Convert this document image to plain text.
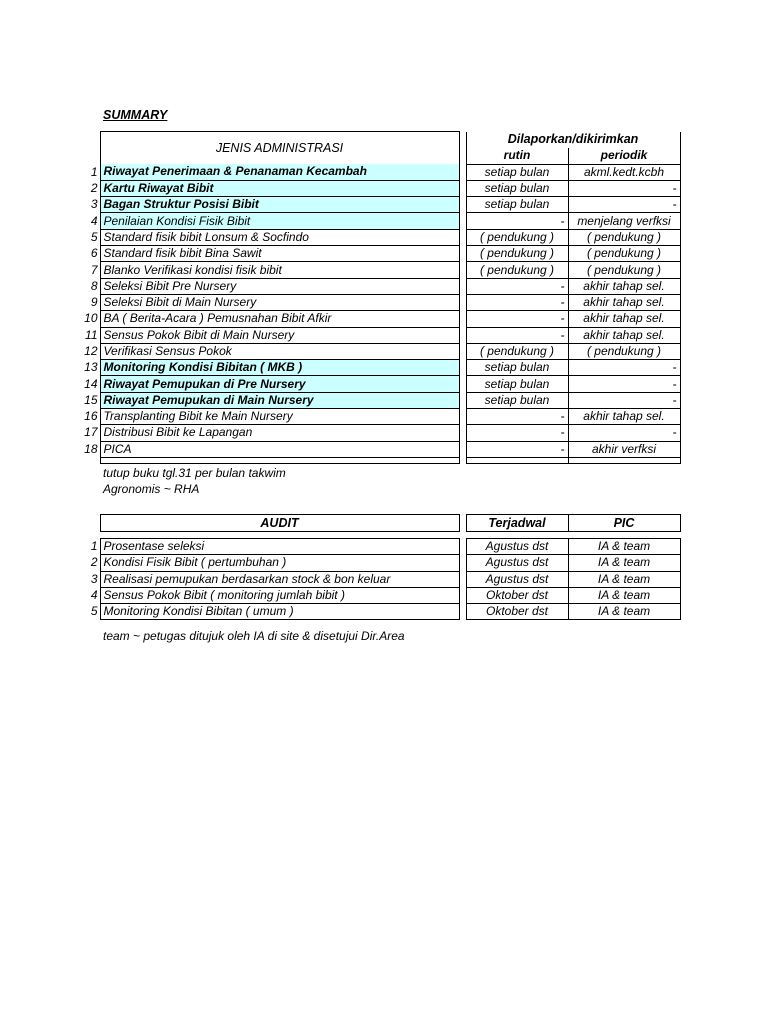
SUMMARY
	JENIS ADMINISTRASI		Dilaporkan/dikirimkan	
			rutin	periodik
1	Riwayat Penerimaan & Penanaman Kecambah		setiap bulan	akml.kedt.kcbh
2	Kartu Riwayat Bibit		setiap bulan	-
3	Bagan Struktur Posisi Bibit		setiap bulan	-
4	Penilaian Kondisi Fisik Bibit		-	menjelang verfksi
5	Standard fisik bibit Lonsum & Socfindo		( pendukung )	( pendukung )
6	Standard fisik bibit Bina Sawit		( pendukung )	( pendukung )
7	Blanko Verifikasi kondisi fisik bibit		( pendukung )	( pendukung )
8	Seleksi Bibit Pre Nursery		-	akhir tahap sel.
9	Seleksi Bibit di Main Nursery		-	akhir tahap sel.
10	BA ( Berita-Acara ) Pemusnahan Bibit Afkir		-	akhir tahap sel.
11	Sensus Pokok Bibit di Main Nursery		-	akhir tahap sel.
12	Verifikasi Sensus Pokok		( pendukung )	( pendukung )
13	Monitoring Kondisi Bibitan ( MKB )		setiap bulan	-
14	Riwayat Pemupukan di Pre Nursery		setiap bulan	-
15	Riwayat Pemupukan di Main Nursery		setiap bulan	-
16	Transplanting Bibit ke Main Nursery		-	akhir tahap sel.
17	Distribusi Bibit ke Lapangan		-	-
18	PICA		-	akhir verfksi

tutup buku tgl.31 per bulan takwim
Agronomis ~ RHA
	AUDIT		Terjadwal	PIC

1	Prosentase seleksi		Agustus dst	IA & team
2	Kondisi Fisik Bibit ( pertumbuhan )		Agustus dst	IA & team
3	Realisasi pemupukan berdasarkan stock & bon keluar		Agustus dst	IA & team
4	Sensus Pokok Bibit ( monitoring jumlah bibit )		Oktober dst	IA & team
5	Monitoring Kondisi Bibitan ( umum )		Oktober dst	IA & team
team ~ petugas ditujuk oleh IA di site & disetujui Dir.Area
